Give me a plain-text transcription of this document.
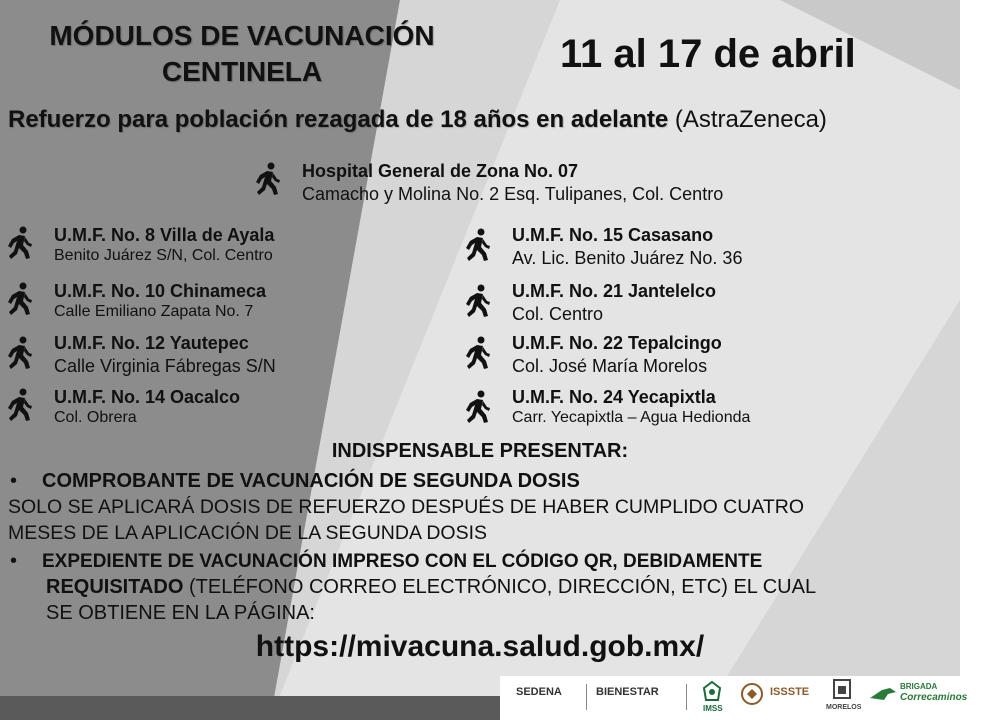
MÓDULOS DE VACUNACIÓN
CENTINELA	11 al 17 de abril
Refuerzo para población rezagada de 18 años en adelante (AstraZeneca)
Hospital General de Zona No. 07
Camacho y Molina No. 2 Esq. Tulipanes, Col. Centro
U.M.F. No. 8 Villa de Ayala
Benito Juárez S/N, Col. Centro
U.M.F. No. 10 Chinameca
Calle Emiliano Zapata No. 7
U.M.F. No. 12 Yautepec
Calle Virginia Fábregas S/N
U.M.F. No. 14 Oacalco
Col. Obrera
U.M.F. No. 15 Casasano
Av. Lic. Benito Juárez No. 36
U.M.F. No. 21 Jantelelco
Col. Centro
U.M.F. No. 22 Tepalcingo
Col. José María Morelos
U.M.F. No. 24 Yecapixtla
Carr. Yecapixtla – Agua Hedionda
INDISPENSABLE PRESENTAR:
• COMPROBANTE DE VACUNACIÓN DE SEGUNDA DOSIS
SOLO SE APLICARÁ DOSIS DE REFUERZO DESPUÉS DE HABER CUMPLIDO CUATRO
MESES DE LA APLICACIÓN DE LA SEGUNDA DOSIS
• EXPEDIENTE DE VACUNACIÓN IMPRESO CON EL CÓDIGO QR, DEBIDAMENTE
REQUISITADO (TELÉFONO CORREO ELECTRÓNICO, DIRECCIÓN, ETC) EL CUAL
SE OBTIENE EN LA PÁGINA:
https://mivacuna.salud.gob.mx/
SEDENA	BIENESTAR
IMSS
ISSSTE
MORELOS
BRIGADA
Correcaminos
